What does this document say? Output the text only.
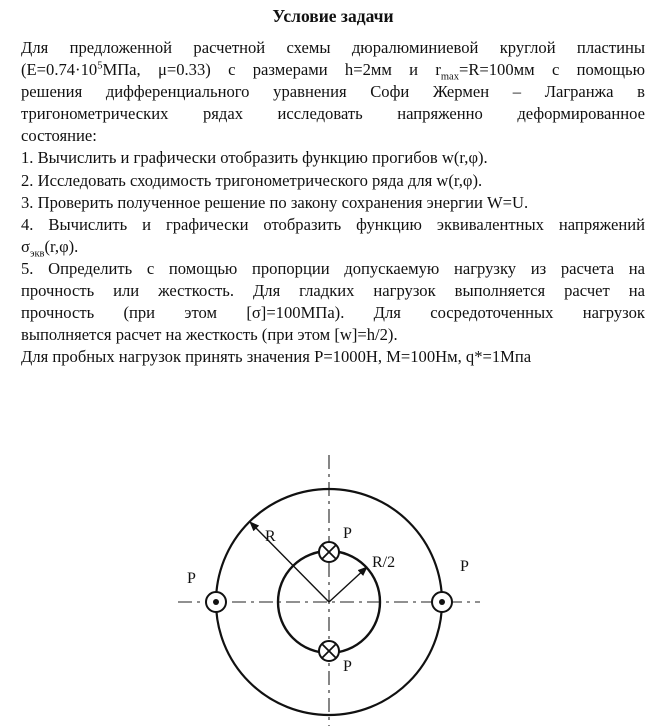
Условие задачи

Для предложенной расчетной схемы дюралюминиевой круглой пластины

($E=0.74\cdot 10^5МПа$, μ=0.33) с размерами h=2мм и $r_{max}=R=100мм$ с помощью

решения дифференциального уравнения Софи Жермен – Лагранжа в

тригонометрических рядах исследовать напряженно деформированное

состояние:

1. Вычислить и графически отобразить функцию прогибов w(r,φ).

2. Исследовать сходимость тригонометрического ряда для w(r,φ).

3. Проверить полученное решение по закону сохранения энергии W=U.

4. Вычислить и графически отобразить функцию эквивалентных напряжений

$\sigma_{экв}(r,\varphi)$.

5. Определить с помощью пропорции допускаемую нагрузку из расчета на

прочность или жесткость. Для гладких нагрузок выполняется расчет на

прочность (при этом [σ]=100МПа). Для сосредоточенных нагрузок

выполняется расчет на жесткость (при этом [w]=h/2).

Для пробных нагрузок принять значения P=1000Н, M=100Нм, q*=1Мпа

R
R/2
P
P
P
P
